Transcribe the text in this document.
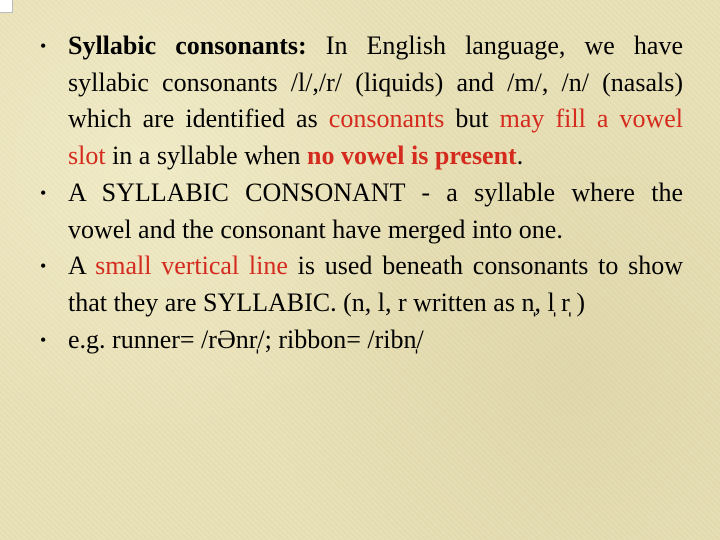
• Syllabic consonants: In English language, we have syllabic consonants /l/,/r/ (liquids) and /m/, /n/ (nasals) which are identified as consonants but may fill a vowel slot in a syllable when no vowel is present.
• A SYLLABIC CONSONANT - a syllable where the vowel and the consonant have merged into one.
• A small vertical line is used beneath consonants to show that they are SYLLABIC. (n, l, r written as n̩, l̩ r̩ )
• e.g. runner= /rƏnr̩/; ribbon= /ribn̩/
